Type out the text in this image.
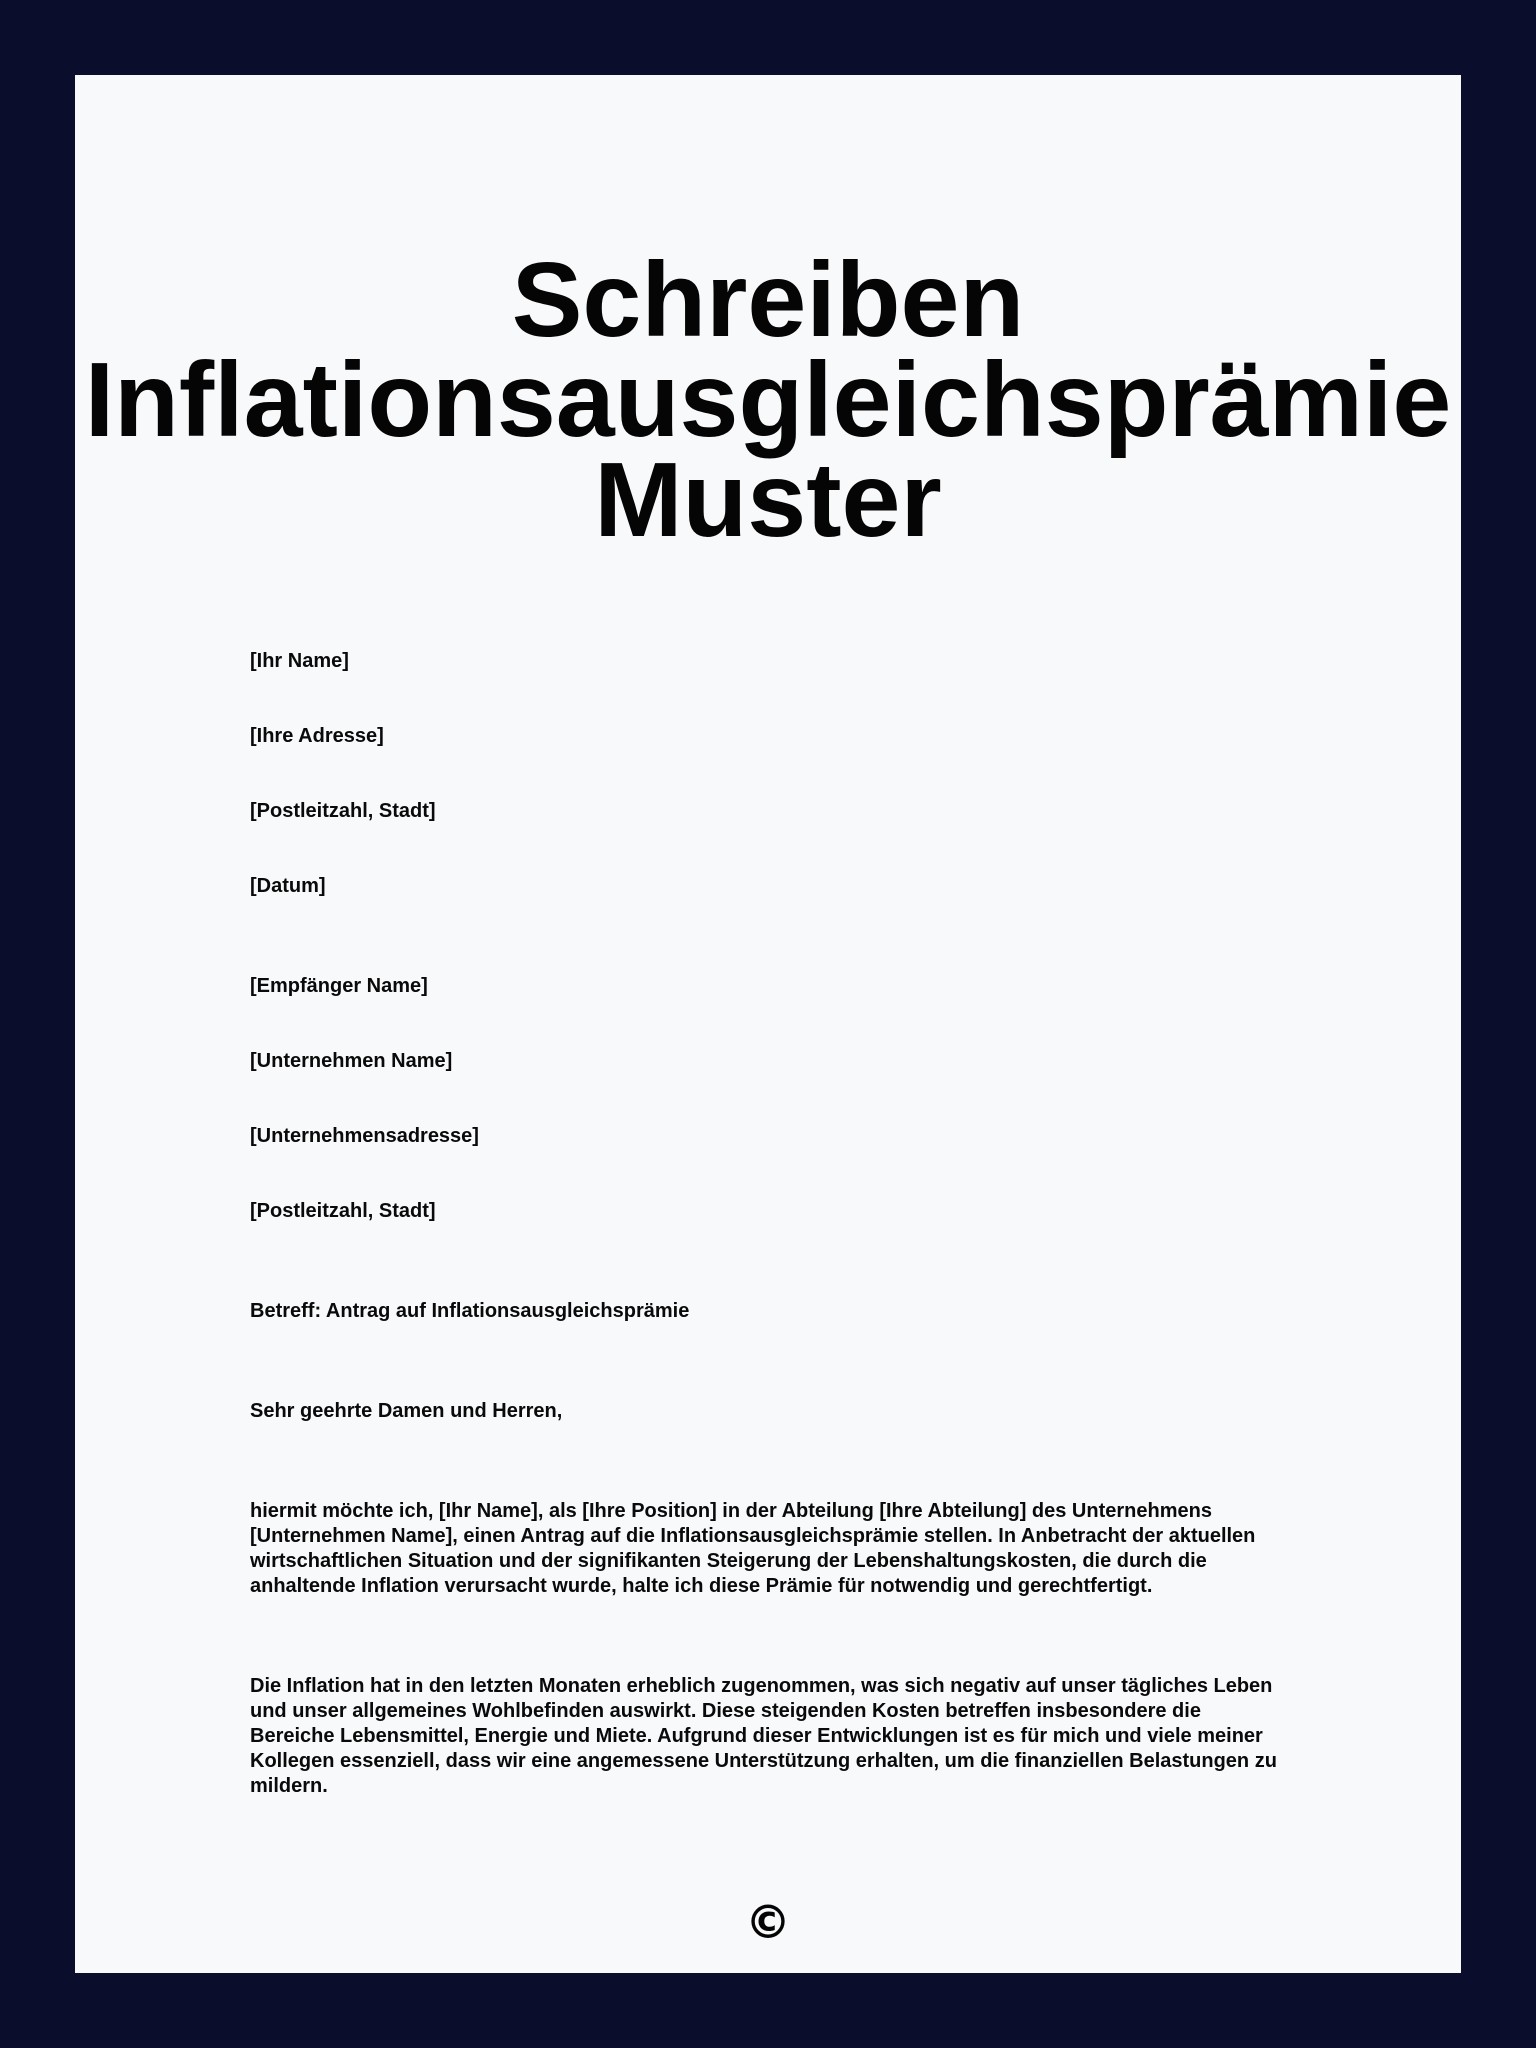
Schreiben
Inflationsausgleichsprämie
Muster
[Ihr Name]
[Ihre Adresse]
[Postleitzahl, Stadt]
[Datum]
[Empfänger Name]
[Unternehmen Name]
[Unternehmensadresse]
[Postleitzahl, Stadt]
Betreff: Antrag auf Inflationsausgleichsprämie
Sehr geehrte Damen und Herren,
hiermit möchte ich, [Ihr Name], als [Ihre Position] in der Abteilung [Ihre Abteilung] des Unternehmens [Unternehmen Name], einen Antrag auf die Inflationsausgleichsprämie stellen. In Anbetracht der aktuellen wirtschaftlichen Situation und der signifikanten Steigerung der Lebenshaltungskosten, die durch die anhaltende Inflation verursacht wurde, halte ich diese Prämie für notwendig und gerechtfertigt.
Die Inflation hat in den letzten Monaten erheblich zugenommen, was sich negativ auf unser tägliches Leben und unser allgemeines Wohlbefinden auswirkt. Diese steigenden Kosten betreffen insbesondere die Bereiche Lebensmittel, Energie und Miete. Aufgrund dieser Entwicklungen ist es für mich und viele meiner Kollegen essenziell, dass wir eine angemessene Unterstützung erhalten, um die finanziellen Belastungen zu mildern.
©
